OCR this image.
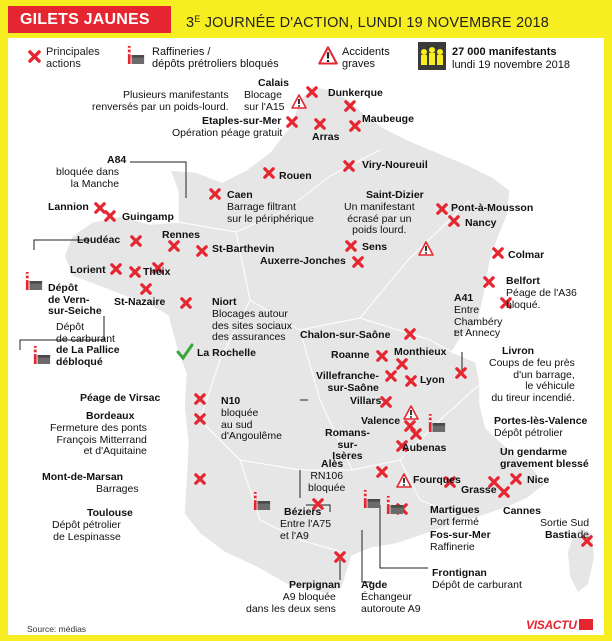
GILETS JAUNES	$3^E$ JOURNÉE D'ACTION, LUNDI 19 NOVEMBRE 2018
Principales
actions
Raffineries /
dépôts prétroliers bloqués
Accidents
graves
27 000 manifestants
lundi 19 novembre 2018
Calais
Blocage
sur l'A15
Plusieurs manifestants
renversés par un poids-lourd.
Dunkerque
Maubeuge
Etaples-sur-Mer
Opération péage gratuit	Arras
A84
bloquée dans
la Manche
Rouen
Viry-Noureuil
Caen
Barrage filtrant
sur le périphérique
Saint-Dizier
Un manifestant
écrasé par un
poids lourd.
Pont-à-Mousson
Nancy
Lannion
Guingamp
Rennes
Loudéac
St-Barthevin	Sens
Auxerre-Jonches	Colmar
Lorient	Theix
Dépôt
de Vern-
sur-Seiche
St-Nazaire	Niort
Blocages autour
des sites sociaux
des assurances
Belfort
Péage de l'A36
bloqué.
Chalon-sur-Saône
A41
Entre
Chambéry
et Annecy
Dépôt
de carburant
de La Pallice
débloqué
La Rochelle	Roanne Monthieux	Livron
Coups de feu près
d'un barrage,
le véhicule
du tireur incendié.
Villefranche-
sur-Saône
Lyon
Villars
Péage de Virsac	N10
bloquée
au sud
d'Angoulême
Bordeaux
Fermeture des ponts
François Mitterrand
et d'Aquitaine
Valence
Romans-
sur-
Isères
Aubenas
Portes-lès-Valence
Dépôt pétrolier
Un gendarme
gravement blessé
Mont-de-Marsan
Barrages
Alès
RN106
bloquée
Fourques
Grasse
Nice
Cannes
Toulouse
Dépôt pétrolier
de Lespinasse
Béziers
Entre l'A75
et l'A9
Martigues
Port fermé
Fos-sur-Mer
Raffinerie
Sortie Sud
de
Bastia
Perpignan
A9 bloquée
dans les deux sens
Agde
Échangeur
autoroute A9
Frontignan
Dépôt de carburant
Source: médias	VISACTU
